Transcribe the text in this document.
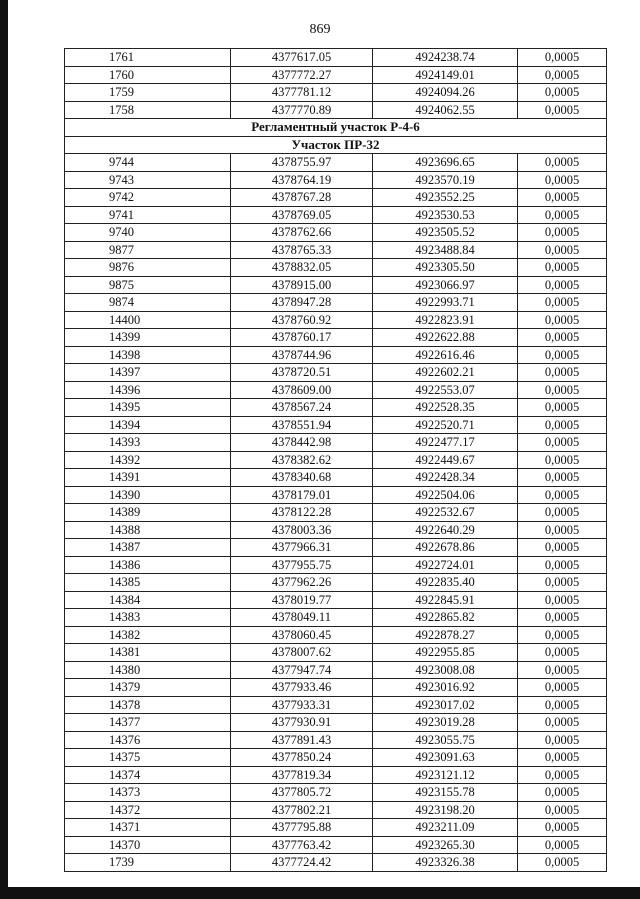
869
1761	4377617.05	4924238.74	0,0005
1760	4377772.27	4924149.01	0,0005
1759	4377781.12	4924094.26	0,0005
1758	4377770.89	4924062.55	0,0005
Регламентный участок Р-4-6			
Участок ПР-32			
9744	4378755.97	4923696.65	0,0005
9743	4378764.19	4923570.19	0,0005
9742	4378767.28	4923552.25	0,0005
9741	4378769.05	4923530.53	0,0005
9740	4378762.66	4923505.52	0,0005
9877	4378765.33	4923488.84	0,0005
9876	4378832.05	4923305.50	0,0005
9875	4378915.00	4923066.97	0,0005
9874	4378947.28	4922993.71	0,0005
14400	4378760.92	4922823.91	0,0005
14399	4378760.17	4922622.88	0,0005
14398	4378744.96	4922616.46	0,0005
14397	4378720.51	4922602.21	0,0005
14396	4378609.00	4922553.07	0,0005
14395	4378567.24	4922528.35	0,0005
14394	4378551.94	4922520.71	0,0005
14393	4378442.98	4922477.17	0,0005
14392	4378382.62	4922449.67	0,0005
14391	4378340.68	4922428.34	0,0005
14390	4378179.01	4922504.06	0,0005
14389	4378122.28	4922532.67	0,0005
14388	4378003.36	4922640.29	0,0005
14387	4377966.31	4922678.86	0,0005
14386	4377955.75	4922724.01	0,0005
14385	4377962.26	4922835.40	0,0005
14384	4378019.77	4922845.91	0,0005
14383	4378049.11	4922865.82	0,0005
14382	4378060.45	4922878.27	0,0005
14381	4378007.62	4922955.85	0,0005
14380	4377947.74	4923008.08	0,0005
14379	4377933.46	4923016.92	0,0005
14378	4377933.31	4923017.02	0,0005
14377	4377930.91	4923019.28	0,0005
14376	4377891.43	4923055.75	0,0005
14375	4377850.24	4923091.63	0,0005
14374	4377819.34	4923121.12	0,0005
14373	4377805.72	4923155.78	0,0005
14372	4377802.21	4923198.20	0,0005
14371	4377795.88	4923211.09	0,0005
14370	4377763.42	4923265.30	0,0005
1739	4377724.42	4923326.38	0,0005
